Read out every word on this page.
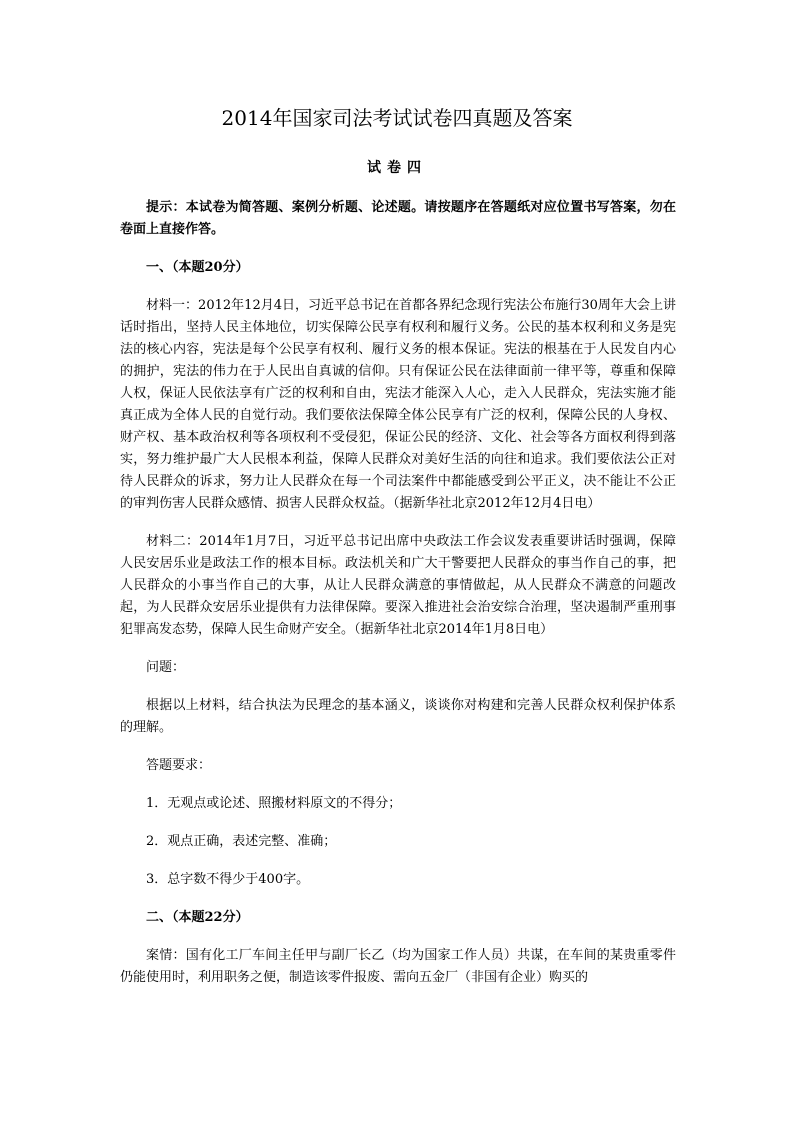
2014年国家司法考试试卷四真题及答案
试卷四

提示：本试卷为简答题、案例分析题、论述题。请按题序在答题纸对应位置书写答案，勿在卷面上直接作答。

一、（本题20分）

材料一：2012年12月4日，习近平总书记在首都各界纪念现行宪法公布施行30周年大会上讲话时指出，坚持人民主体地位，切实保障公民享有权利和履行义务。公民的基本权利和义务是宪法的核心内容，宪法是每个公民享有权利、履行义务的根本保证。宪法的根基在于人民发自内心的拥护，宪法的伟力在于人民出自真诚的信仰。只有保证公民在法律面前一律平等，尊重和保障人权，保证人民依法享有广泛的权利和自由，宪法才能深入人心，走入人民群众，宪法实施才能真正成为全体人民的自觉行动。我们要依法保障全体公民享有广泛的权利，保障公民的人身权、财产权、基本政治权利等各项权利不受侵犯，保证公民的经济、文化、社会等各方面权利得到落实，努力维护最广大人民根本利益，保障人民群众对美好生活的向往和追求。我们要依法公正对待人民群众的诉求，努力让人民群众在每一个司法案件中都能感受到公平正义，决不能让不公正的审判伤害人民群众感情、损害人民群众权益。（据新华社北京2012年12月4日电）

材料二：2014年1月7日，习近平总书记出席中央政法工作会议发表重要讲话时强调，保障人民安居乐业是政法工作的根本目标。政法机关和广大干警要把人民群众的事当作自己的事，把人民群众的小事当作自己的大事，从让人民群众满意的事情做起，从人民群众不满意的问题改起，为人民群众安居乐业提供有力法律保障。要深入推进社会治安综合治理，坚决遏制严重刑事犯罪高发态势，保障人民生命财产安全。（据新华社北京2014年1月8日电）

问题：

根据以上材料，结合执法为民理念的基本涵义，谈谈你对构建和完善人民群众权利保护体系的理解。

答题要求：

1．无观点或论述、照搬材料原文的不得分；

2．观点正确，表述完整、准确；

3．总字数不得少于400字。

二、（本题22分）

案情：国有化工厂车间主任甲与副厂长乙（均为国家工作人员）共谋，在车间的某贵重零件仍能使用时，利用职务之便，制造该零件报废、需向五金厂（非国有企业）购买的
